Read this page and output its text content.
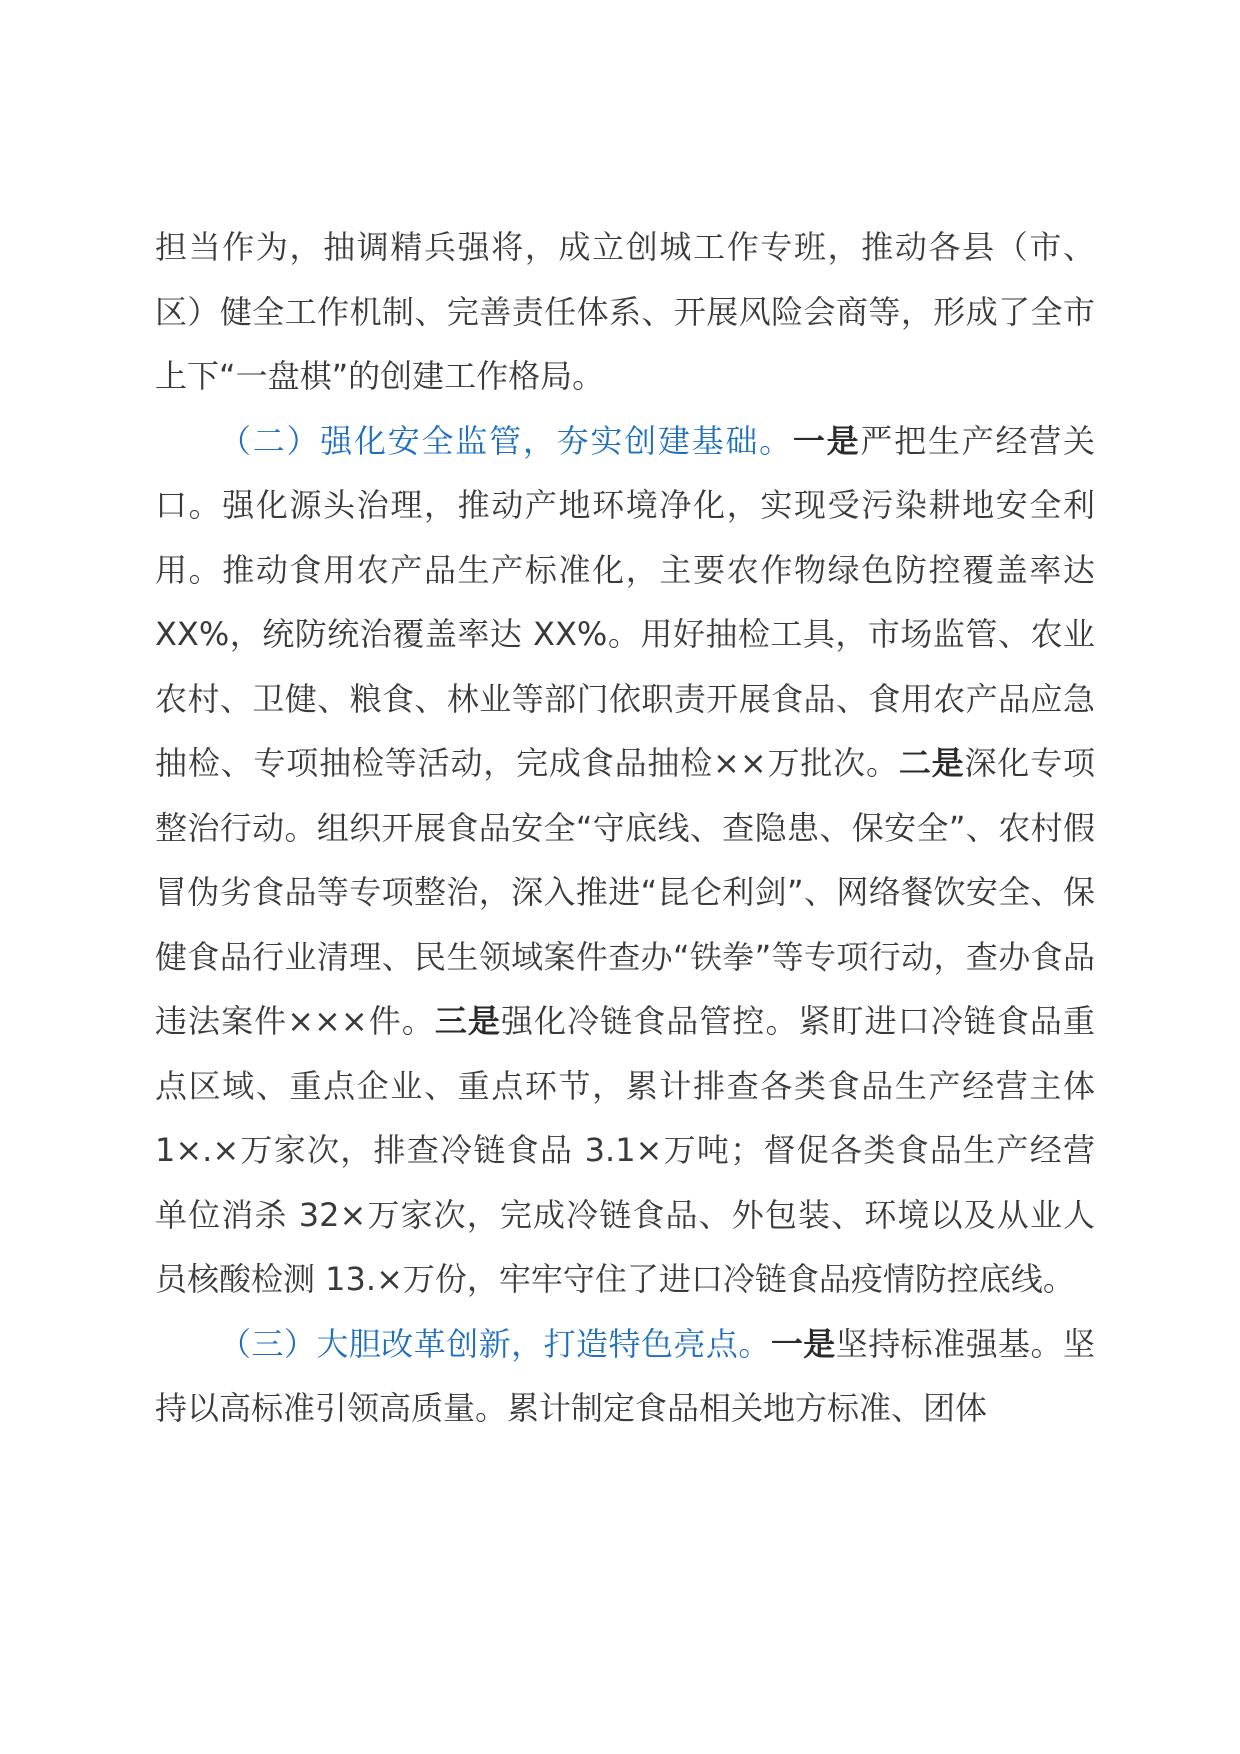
担当作为，抽调精兵强将，成立创城工作专班，推动各县（市、区）健全工作机制、完善责任体系、开展风险会商等，形成了全市上下“一盘棋”的创建工作格局。

（二）强化安全监管，夯实创建基础。一是严把生产经营关口。强化源头治理，推动产地环境净化，实现受污染耕地安全利用。推动食用农产品生产标准化，主要农作物绿色防控覆盖率达 XX%，统防统治覆盖率达 XX%。用好抽检工具，市场监管、农业农村、卫健、粮食、林业等部门依职责开展食品、食用农产品应急抽检、专项抽检等活动，完成食品抽检××万批次。二是深化专项整治行动。组织开展食品安全“守底线、查隐患、保安全”、农村假冒伪劣食品等专项整治，深入推进“昆仑利剑”、网络餐饮安全、保健食品行业清理、民生领域案件查办“铁拳”等专项行动，查办食品违法案件×××件。三是强化冷链食品管控。紧盯进口冷链食品重点区域、重点企业、重点环节，累计排查各类食品生产经营主体 1×.×万家次，排查冷链食品 3.1×万吨；督促各类食品生产经营单位消杀 32×万家次，完成冷链食品、外包装、环境以及从业人员核酸检测 13.×万份，牢牢守住了进口冷链食品疫情防控底线。

（三）大胆改革创新，打造特色亮点。一是坚持标准强基。坚持以高标准引领高质量。累计制定食品相关地方标准、团体
